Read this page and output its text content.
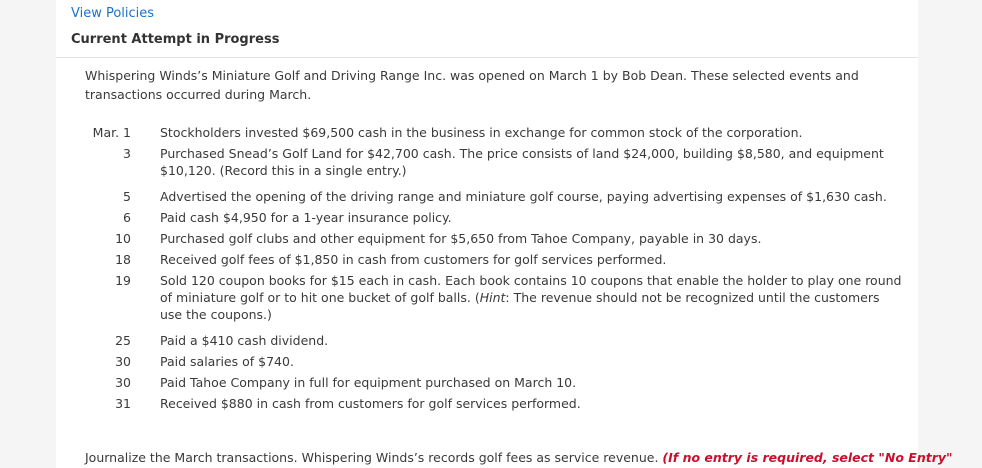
View Policies
Current Attempt in Progress
Whispering Winds’s Miniature Golf and Driving Range Inc. was opened on March 1 by Bob Dean. These selected events and transactions occurred during March.
Mar. 1	Stockholders invested $69,500 cash in the business in exchange for common stock of the corporation.
3	Purchased Snead’s Golf Land for $42,700 cash. The price consists of land $24,000, building $8,580, and equipment $10,120. (Record this in a single entry.)
5	Advertised the opening of the driving range and miniature golf course, paying advertising expenses of $1,630 cash.
6	Paid cash $4,950 for a 1-year insurance policy.
10	Purchased golf clubs and other equipment for $5,650 from Tahoe Company, payable in 30 days.
18	Received golf fees of $1,850 in cash from customers for golf services performed.
19	Sold 120 coupon books for $15 each in cash. Each book contains 10 coupons that enable the holder to play one round of miniature golf or to hit one bucket of golf balls. (Hint: The revenue should not be recognized until the customers use the coupons.)
25	Paid a $410 cash dividend.
30	Paid salaries of $740.
30	Paid Tahoe Company in full for equipment purchased on March 10.
31	Received $880 in cash from customers for golf services performed.
Journalize the March transactions. Whispering Winds’s records golf fees as service revenue. (If no entry is required, select "No Entry"
